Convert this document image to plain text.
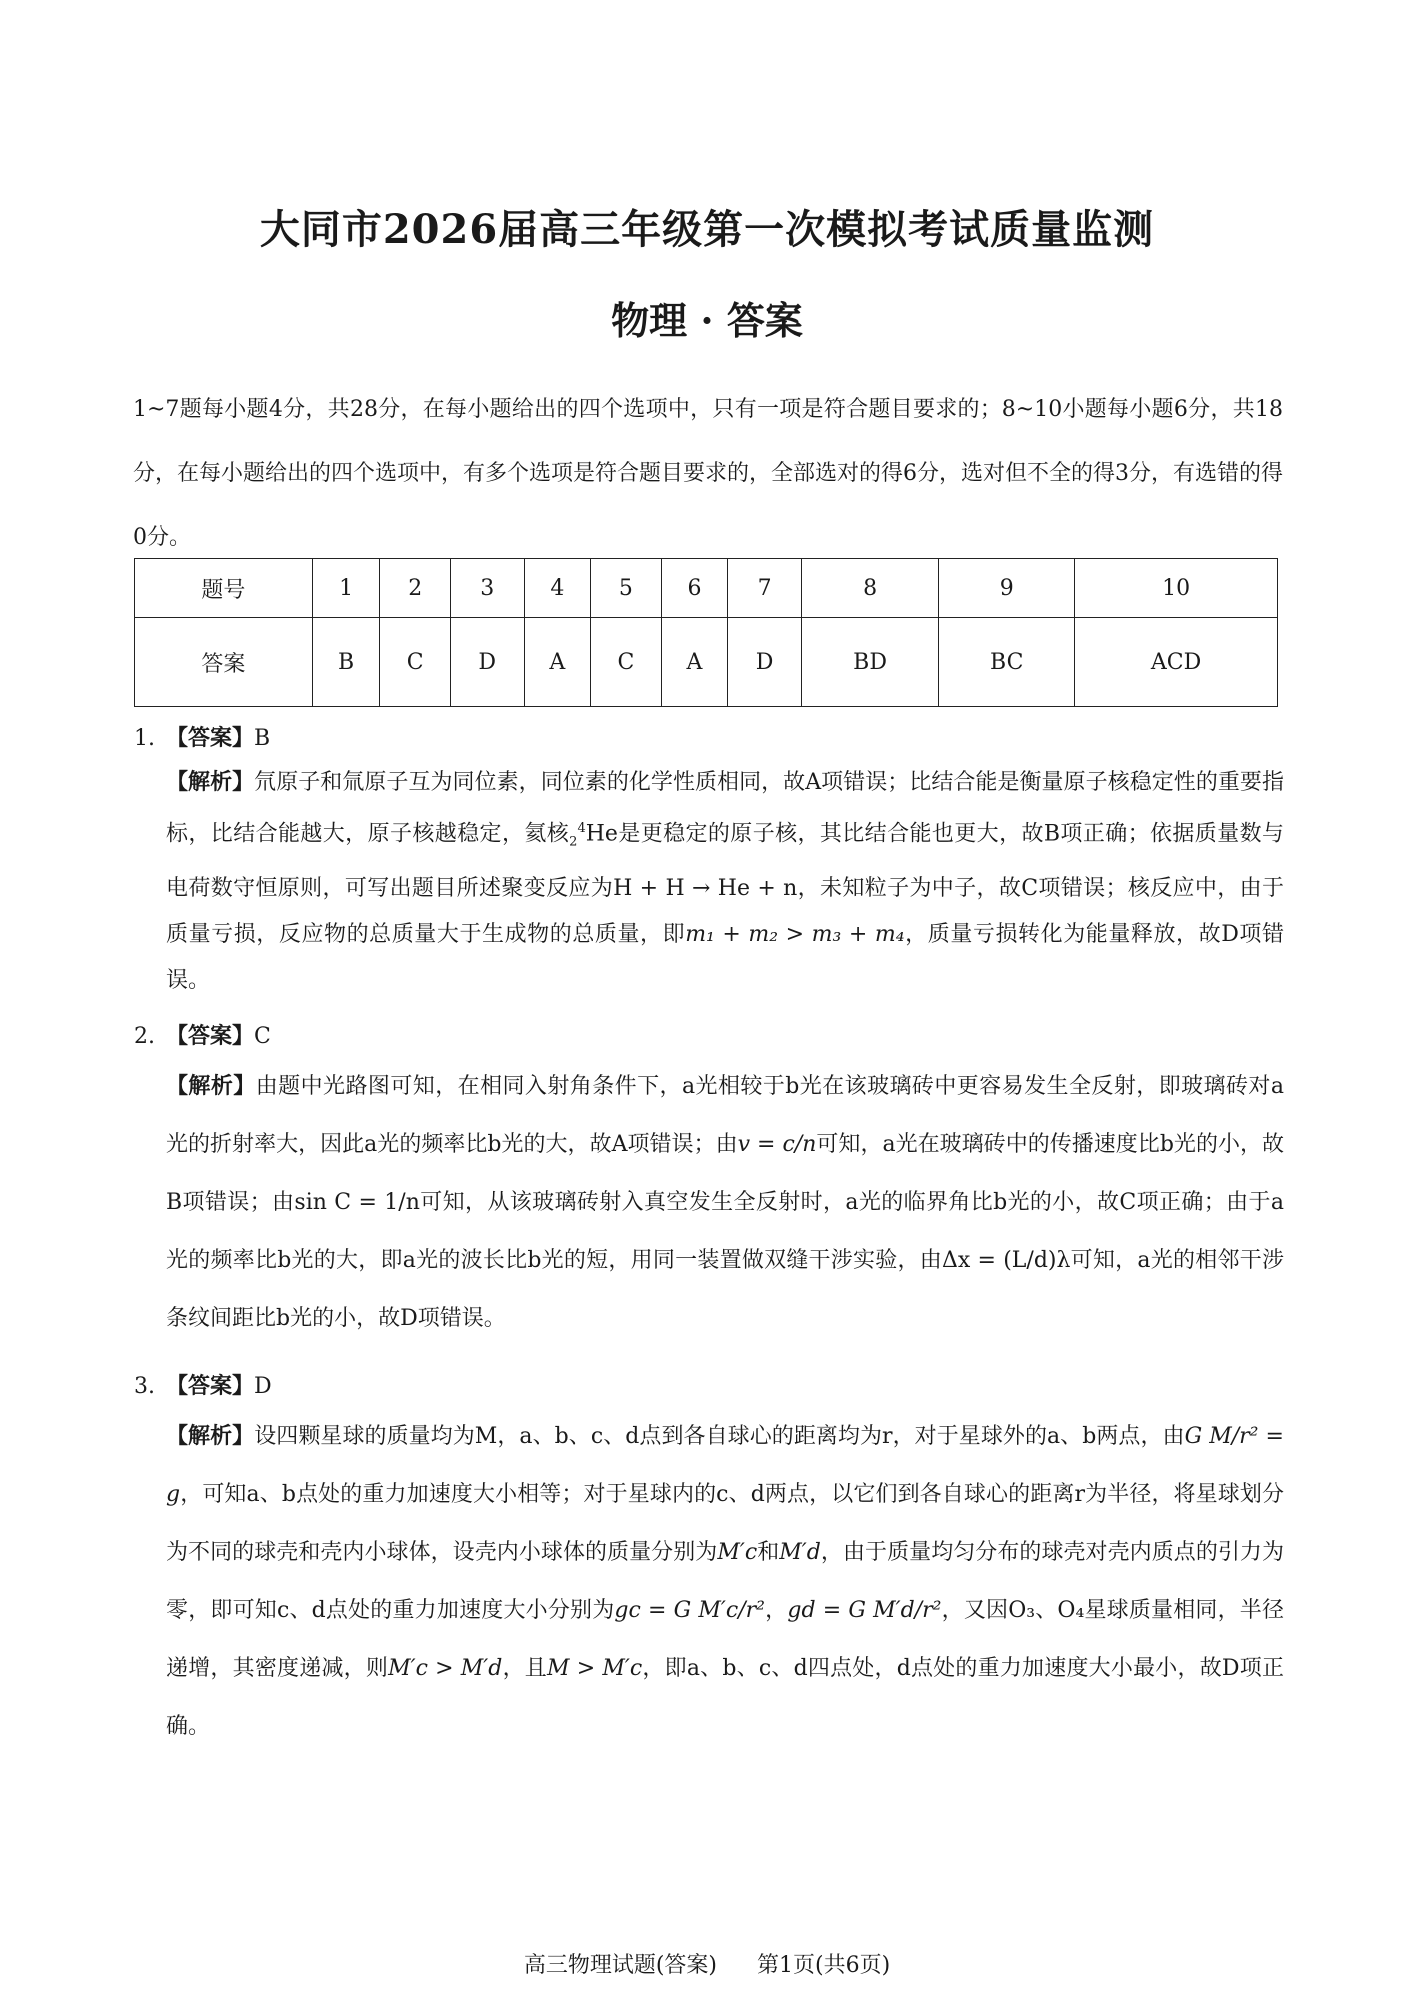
大同市2026届高三年级第一次模拟考试质量监测
物理 · 答案
1~7题每小题4分，共28分，在每小题给出的四个选项中，只有一项是符合题目要求的；8~10小题每小题6分，共18分，在每小题给出的四个选项中，有多个选项是符合题目要求的，全部选对的得6分，选对但不全的得3分，有选错的得0分。
题号	1	2	3	4	5	6	7	8	9	10
答案	B	C	D	A	C	A	D	BD	BC	ACD
1. 【答案】B
【解析】氘原子和氚原子互为同位素，同位素的化学性质相同，故A项错误；比结合能是衡量原子核稳定性的重要指标，比结合能越大，原子核越稳定，氦核$_2^4$He是更稳定的原子核，其比结合能也更大，故B项正确；依据质量数与电荷数守恒原则，可写出题目所述聚变反应为H + H → He + n，未知粒子为中子，故C项错误；核反应中，由于质量亏损，反应物的总质量大于生成物的总质量，即m₁ + m₂ > m₃ + m₄，质量亏损转化为能量释放，故D项错误。
2. 【答案】C
【解析】由题中光路图可知，在相同入射角条件下，a光相较于b光在该玻璃砖中更容易发生全反射，即玻璃砖对a光的折射率大，因此a光的频率比b光的大，故A项错误；由v = c/n可知，a光在玻璃砖中的传播速度比b光的小，故B项错误；由sin C = 1/n可知，从该玻璃砖射入真空发生全反射时，a光的临界角比b光的小，故C项正确；由于a光的频率比b光的大，即a光的波长比b光的短，用同一装置做双缝干涉实验，由Δx = (L/d)λ可知，a光的相邻干涉条纹间距比b光的小，故D项错误。
3. 【答案】D
【解析】设四颗星球的质量均为M，a、b、c、d点到各自球心的距离均为r，对于星球外的a、b两点，由G M/r² = g，可知a、b点处的重力加速度大小相等；对于星球内的c、d两点，以它们到各自球心的距离r为半径，将星球划分为不同的球壳和壳内小球体，设壳内小球体的质量分别为M′c和M′d，由于质量均匀分布的球壳对壳内质点的引力为零，即可知c、d点处的重力加速度大小分别为gc = G M′c/r²，gd = G M′d/r²，又因O₃、O₄星球质量相同，半径递增，其密度递减，则M′c > M′d，且M > M′c，即a、b、c、d四点处，d点处的重力加速度大小最小，故D项正确。
高三物理试题(答案) 第1页(共6页)
